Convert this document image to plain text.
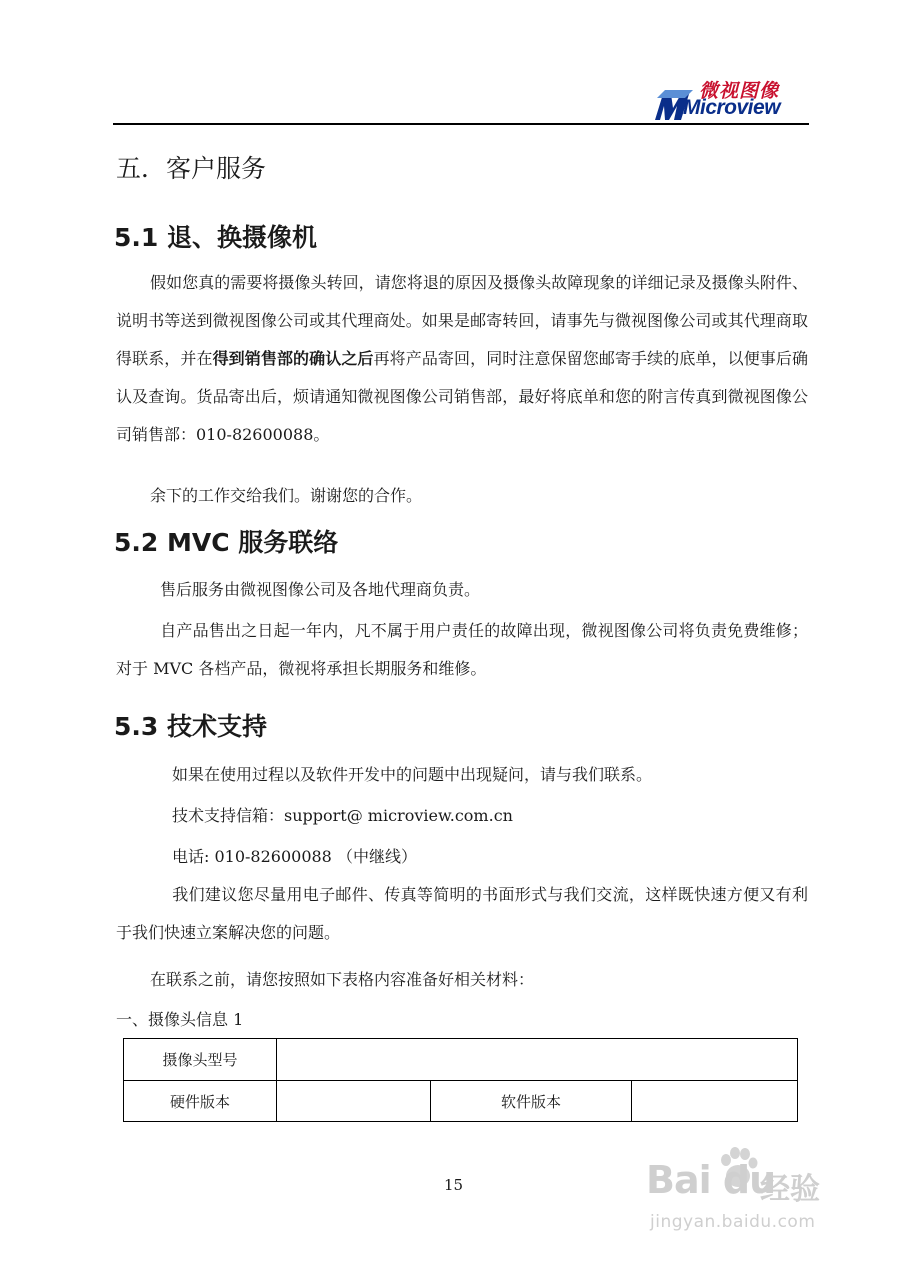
微视图像
Microview
五．客户服务
5.1 退、换摄像机
假如您真的需要将摄像头转回，请您将退的原因及摄像头故障现象的详细记录及摄像头附件、说明书等送到微视图像公司或其代理商处。如果是邮寄转回，请事先与微视图像公司或其代理商取得联系，并在得到销售部的确认之后再将产品寄回，同时注意保留您邮寄手续的底单，以便事后确认及查询。货品寄出后，烦请通知微视图像公司销售部，最好将底单和您的附言传真到微视图像公司销售部：010-82600088。
余下的工作交给我们。谢谢您的合作。
5.2 MVC 服务联络
售后服务由微视图像公司及各地代理商负责。
自产品售出之日起一年内，凡不属于用户责任的故障出现，微视图像公司将负责免费维修；对于 MVC 各档产品，微视将承担长期服务和维修。
5.3 技术支持
如果在使用过程以及软件开发中的问题中出现疑问，请与我们联系。
技术支持信箱：support@ microview.com.cn
电话: 010-82600088 （中继线）
我们建议您尽量用电子邮件、传真等简明的书面形式与我们交流，这样既快速方便又有利于我们快速立案解决您的问题。
在联系之前，请您按照如下表格内容准备好相关材料：
一、摄像头信息 1
摄像头型号
硬件版本	软件版本
15	Bai du
经验
jingyan.baidu.com
